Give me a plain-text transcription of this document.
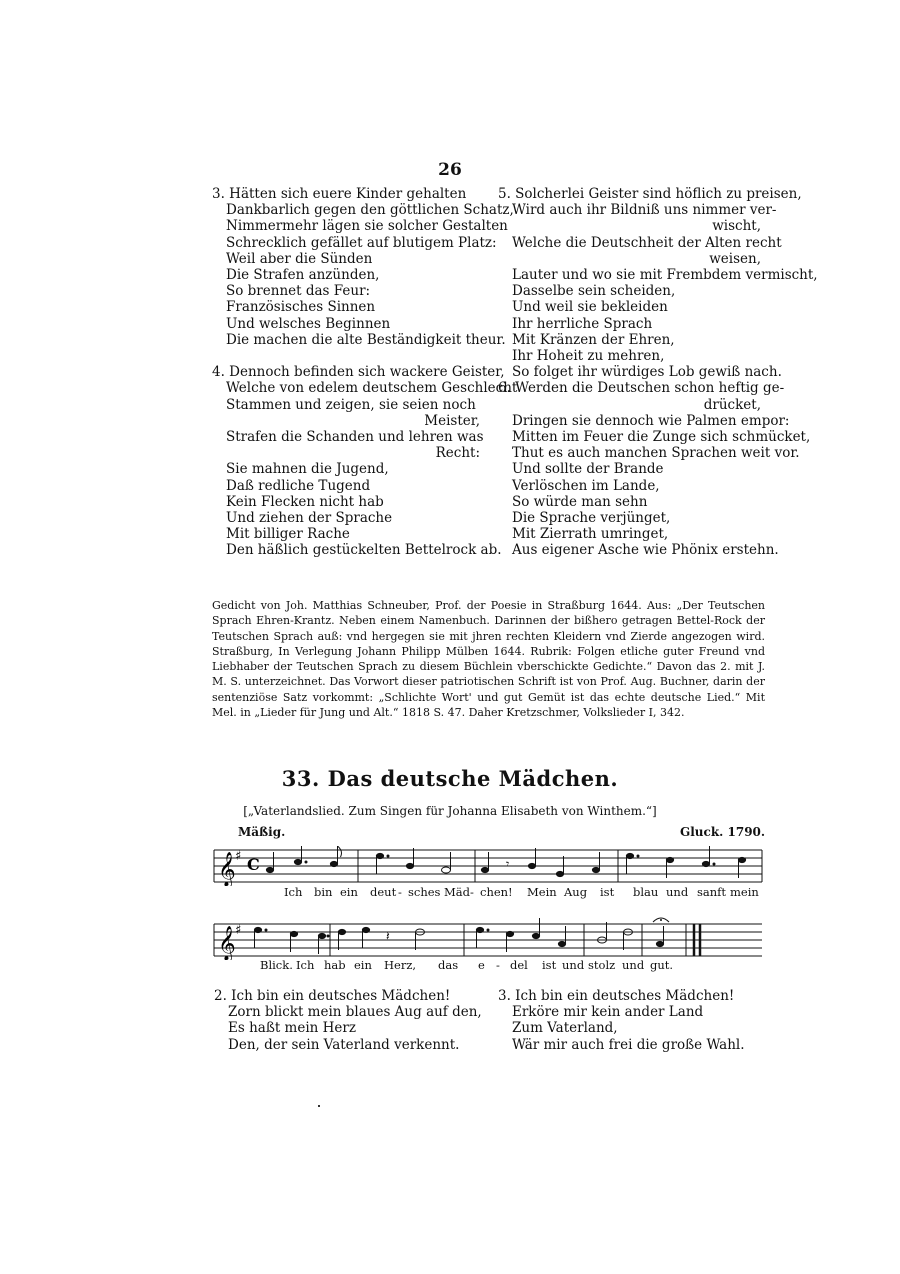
26
3. Hätten sich euere Kinder gehalten
Dankbarlich gegen den göttlichen Schatz,
Nimmermehr lägen sie solcher Gestalten
Schrecklich gefället auf blutigem Platz:
Weil aber die Sünden
Die Strafen anzünden,
So brennet das Feur:
Französisches Sinnen
Und welsches Beginnen
Die machen die alte Beständigkeit theur.
4. Dennoch befinden sich wackere Geister,
Welche von edelem deutschem Geschlecht
Stammen und zeigen, sie seien noch
Meister,
Strafen die Schanden und lehren was
Recht:
Sie mahnen die Jugend,
Daß redliche Tugend
Kein Flecken nicht hab
Und ziehen der Sprache
Mit billiger Rache
Den häßlich gestückelten Bettelrock ab.
5. Solcherlei Geister sind höflich zu preisen,
Wird auch ihr Bildniß uns nimmer ver-
wischt,
Welche die Deutschheit der Alten recht
weisen,
Lauter und wo sie mit Frembdem vermischt,
Dasselbe sein scheiden,
Und weil sie bekleiden
Ihr herrliche Sprach
Mit Kränzen der Ehren,
Ihr Hoheit zu mehren,
So folget ihr würdiges Lob gewiß nach.
6. Werden die Deutschen schon heftig ge-
drücket,
Dringen sie dennoch wie Palmen empor:
Mitten im Feuer die Zunge sich schmücket,
Thut es auch manchen Sprachen weit vor.
Und sollte der Brande
Verlöschen im Lande,
So würde man sehn
Die Sprache verjünget,
Mit Zierrath umringet,
Aus eigener Asche wie Phönix erstehn.
Gedicht von Joh. Matthias Schneuber, Prof. der Poesie in Straßburg 1644. Aus: „Der Teutschen Sprach Ehren-Krantz. Neben einem Namenbuch. Darinnen der bißhero getragen Bettel-Rock der Teutschen Sprach auß: vnd hergegen sie mit jhren rechten Kleidern vnd Zierde angezogen wird. Straßburg, In Verlegung Johann Philipp Mülben 1644. Rubrik: Folgen etliche guter Freund vnd Liebhaber der Teutschen Sprach zu diesem Büchlein vberschickte Gedichte.“ Davon das 2. mit J. M. S. unterzeichnet. Das Vorwort dieser patriotischen Schrift ist von Prof. Aug. Buchner, darin der sentenziöse Satz vorkommt: „Schlichte Wort' und gut Gemüt ist das echte deutsche Lied.“ Mit Mel. in „Lieder für Jung und Alt.“ 1818 S. 47. Daher Kretzschmer, Volkslieder I, 342.
33. Das deutsche Mädchen.
[„Vaterlandslied. Zum Singen für Johanna Elisabeth von Winthem.“]
Mäßig.	Gluck. 1790.
𝄞 ♯ C	𝄾
Ich bin ein deut - sches Mäd - chen! Mein Aug ist blau und sanft mein
𝄞 ♯	𝄽
Blick. Ich hab ein Herz, das e - del ist und stolz und gut.
2. Ich bin ein deutsches Mädchen!
Zorn blickt mein blaues Aug auf den,
Es haßt mein Herz
Den, der sein Vaterland verkennt.
3. Ich bin ein deutsches Mädchen!
Erköre mir kein ander Land
Zum Vaterland,
Wär mir auch frei die große Wahl.
